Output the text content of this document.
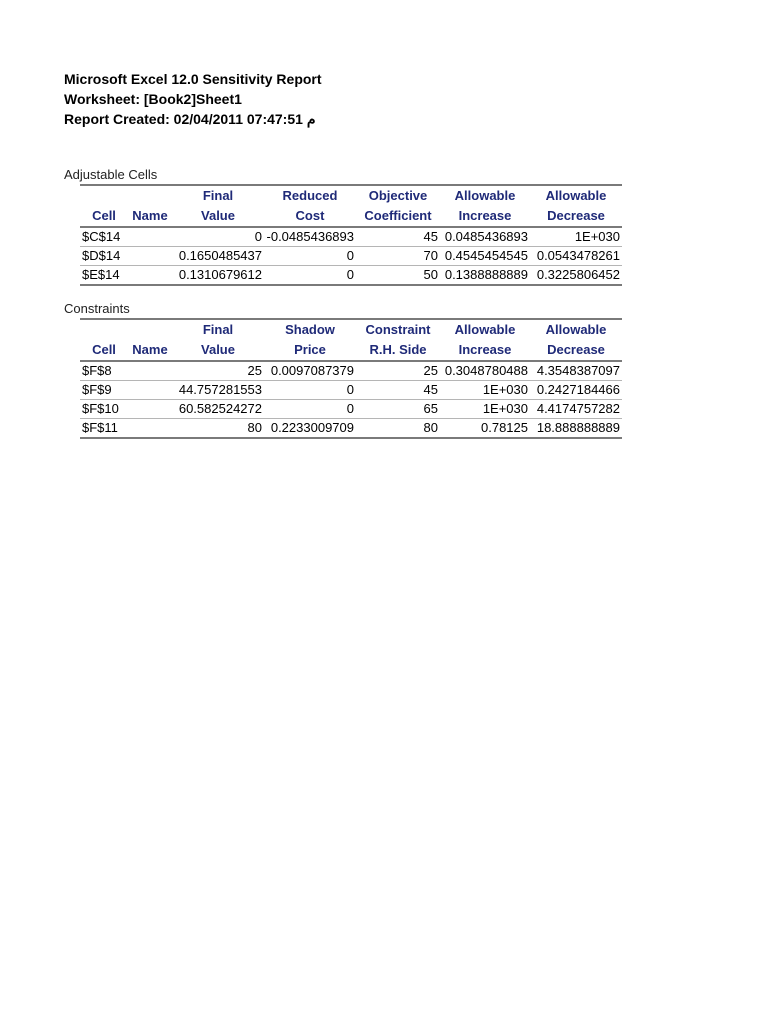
Microsoft Excel 12.0 Sensitivity Report
Worksheet: [Book2]Sheet1
Report Created: 02/04/2011 07:47:51 م
Adjustable Cells
		Final	Reduced	Objective	Allowable	Allowable
Cell	Name	Value	Cost	Coefficient	Increase	Decrease
$C$14		0	-0.0485436893	45	0.0485436893	1E+030
$D$14		0.1650485437	0	70	0.4545454545	0.0543478261
$E$14		0.1310679612	0	50	0.1388888889	0.3225806452
Constraints
		Final	Shadow	Constraint	Allowable	Allowable
Cell	Name	Value	Price	R.H. Side	Increase	Decrease
$F$8		25	0.0097087379	25	0.3048780488	4.3548387097
$F$9		44.757281553	0	45	1E+030	0.2427184466
$F$10		60.582524272	0	65	1E+030	4.4174757282
$F$11		80	0.2233009709	80	0.78125	18.888888889
